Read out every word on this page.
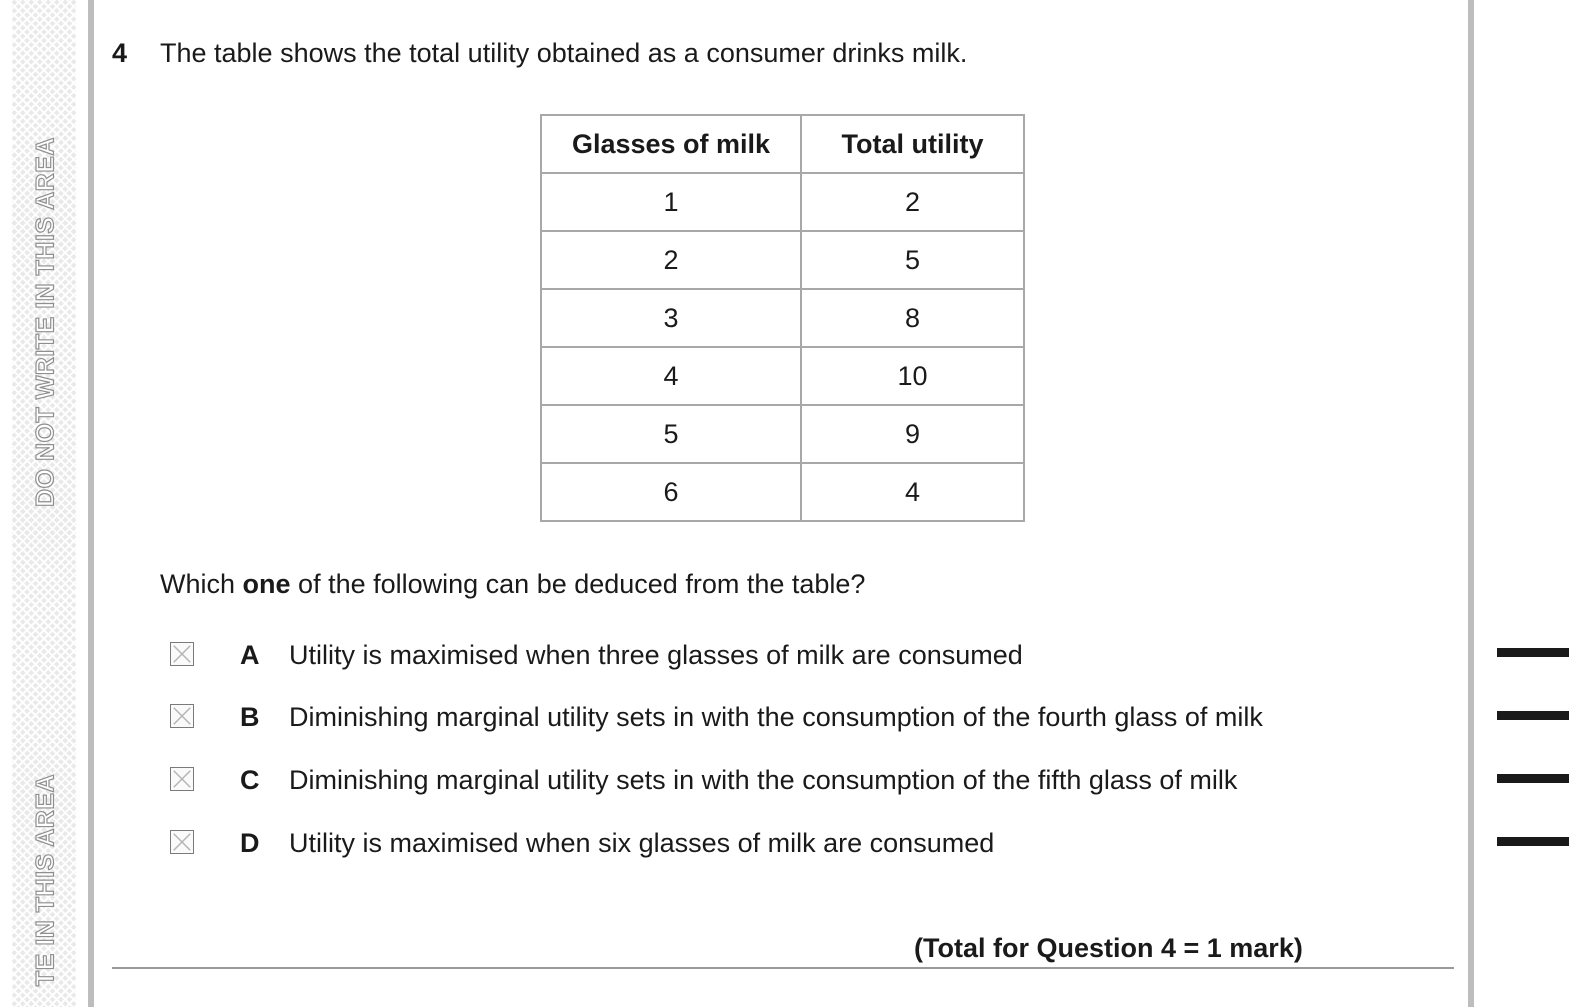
DO NOT WRITE IN THIS AREA
TE IN THIS AREA
4 The table shows the total utility obtained as a consumer drinks milk.
Glasses of milk	Total utility
1	2
2	5
3	8
4	10
5	9
6	4
Which one of the following can be deduced from the table?
A Utility is maximised when three glasses of milk are consumed
B Diminishing marginal utility sets in with the consumption of the fourth glass of milk
C Diminishing marginal utility sets in with the consumption of the fifth glass of milk
D Utility is maximised when six glasses of milk are consumed
(Total for Question 4 = 1 mark)
